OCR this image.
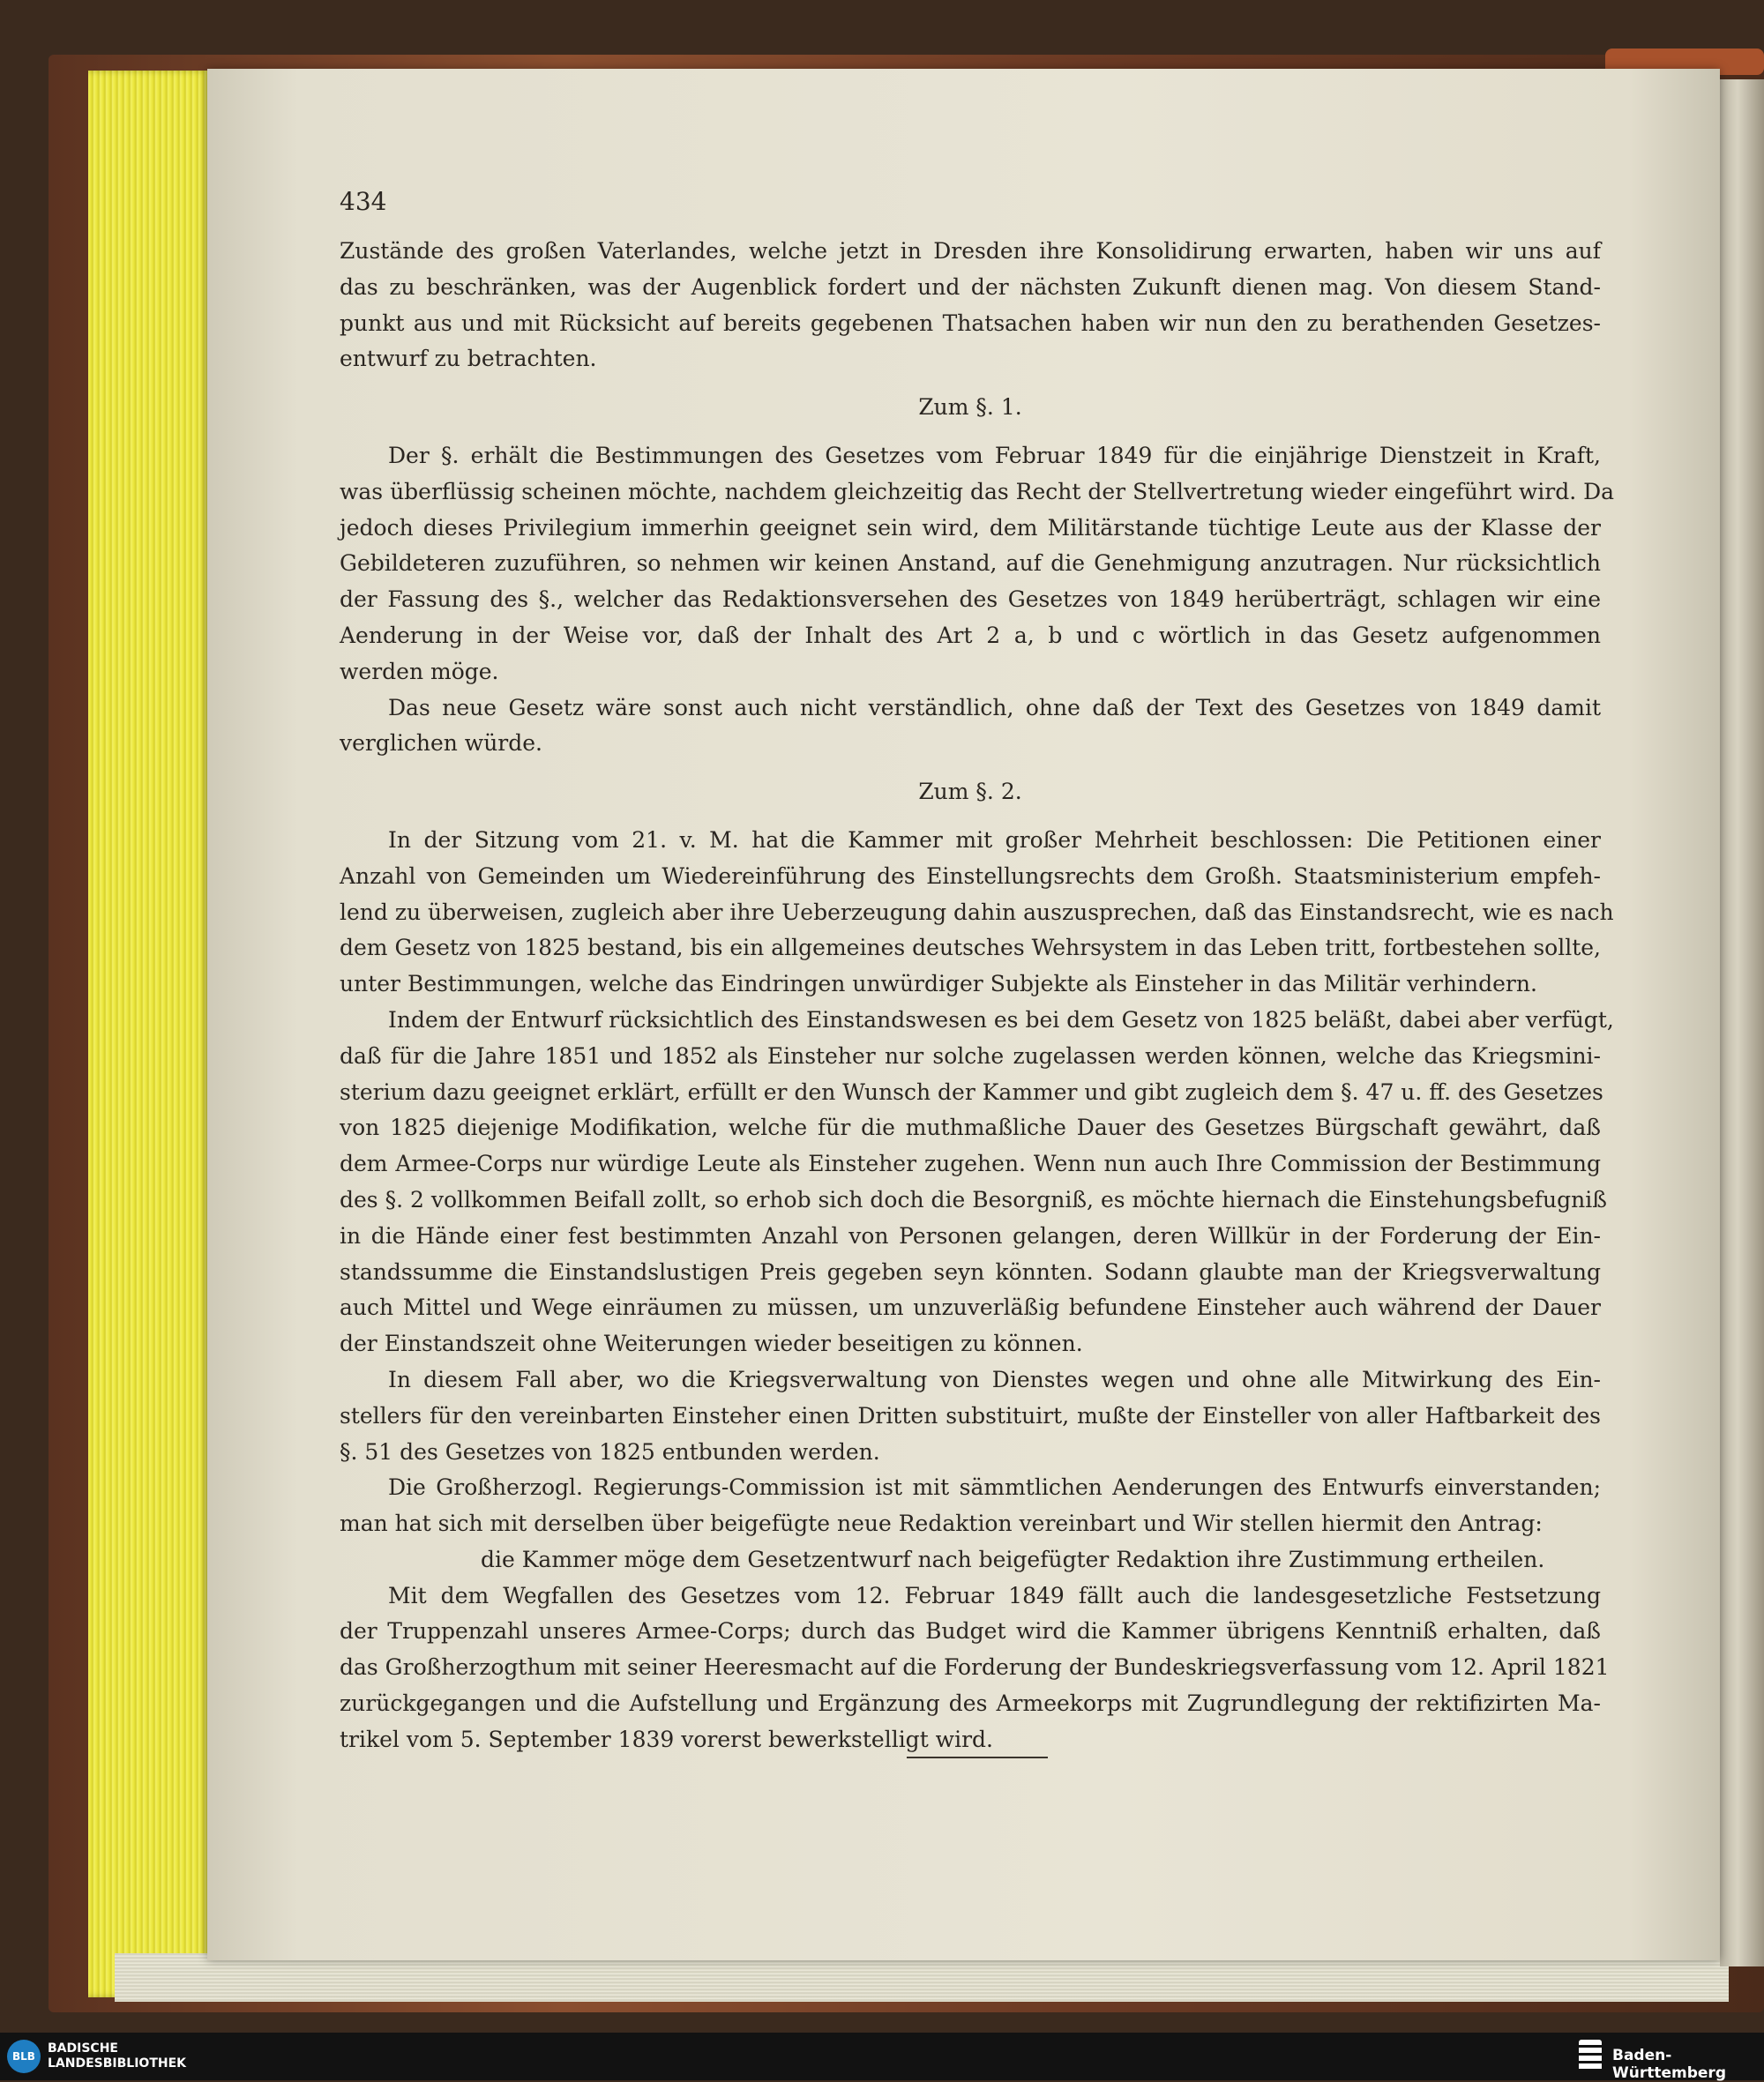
434
Zustände des großen Vaterlandes, welche jetzt in Dresden ihre Konsolidirung erwarten, haben wir uns auf
das zu beschränken, was der Augenblick fordert und der nächsten Zukunft dienen mag. Von diesem Stand-
punkt aus und mit Rücksicht auf bereits gegebenen Thatsachen haben wir nun den zu berathenden Gesetzes-
entwurf zu betrachten.
Zum §. 1.
Der §. erhält die Bestimmungen des Gesetzes vom Februar 1849 für die einjährige Dienstzeit in Kraft,
was überflüssig scheinen möchte, nachdem gleichzeitig das Recht der Stellvertretung wieder eingeführt wird. Da
jedoch dieses Privilegium immerhin geeignet sein wird, dem Militärstande tüchtige Leute aus der Klasse der
Gebildeteren zuzuführen, so nehmen wir keinen Anstand, auf die Genehmigung anzutragen. Nur rücksichtlich
der Fassung des §., welcher das Redaktionsversehen des Gesetzes von 1849 herüberträgt, schlagen wir eine
Aenderung in der Weise vor, daß der Inhalt des Art 2 a, b und c wörtlich in das Gesetz aufgenommen
werden möge.
Das neue Gesetz wäre sonst auch nicht verständlich, ohne daß der Text des Gesetzes von 1849 damit
verglichen würde.
Zum §. 2.
In der Sitzung vom 21. v. M. hat die Kammer mit großer Mehrheit beschlossen: Die Petitionen einer
Anzahl von Gemeinden um Wiedereinführung des Einstellungsrechts dem Großh. Staatsministerium empfeh-
lend zu überweisen, zugleich aber ihre Ueberzeugung dahin auszusprechen, daß das Einstandsrecht, wie es nach
dem Gesetz von 1825 bestand, bis ein allgemeines deutsches Wehrsystem in das Leben tritt, fortbestehen sollte,
unter Bestimmungen, welche das Eindringen unwürdiger Subjekte als Einsteher in das Militär verhindern.
Indem der Entwurf rücksichtlich des Einstandswesen es bei dem Gesetz von 1825 beläßt, dabei aber verfügt,
daß für die Jahre 1851 und 1852 als Einsteher nur solche zugelassen werden können, welche das Kriegsmini-
sterium dazu geeignet erklärt, erfüllt er den Wunsch der Kammer und gibt zugleich dem §. 47 u. ff. des Gesetzes
von 1825 diejenige Modifikation, welche für die muthmaßliche Dauer des Gesetzes Bürgschaft gewährt, daß
dem Armee-Corps nur würdige Leute als Einsteher zugehen. Wenn nun auch Ihre Commission der Bestimmung
des §. 2 vollkommen Beifall zollt, so erhob sich doch die Besorgniß, es möchte hiernach die Einstehungsbefugniß
in die Hände einer fest bestimmten Anzahl von Personen gelangen, deren Willkür in der Forderung der Ein-
standssumme die Einstandslustigen Preis gegeben seyn könnten. Sodann glaubte man der Kriegsverwaltung
auch Mittel und Wege einräumen zu müssen, um unzuverläßig befundene Einsteher auch während der Dauer
der Einstandszeit ohne Weiterungen wieder beseitigen zu können.
In diesem Fall aber, wo die Kriegsverwaltung von Dienstes wegen und ohne alle Mitwirkung des Ein-
stellers für den vereinbarten Einsteher einen Dritten substituirt, mußte der Einsteller von aller Haftbarkeit des
§. 51 des Gesetzes von 1825 entbunden werden.
Die Großherzogl. Regierungs-Commission ist mit sämmtlichen Aenderungen des Entwurfs einverstanden;
man hat sich mit derselben über beigefügte neue Redaktion vereinbart und Wir stellen hiermit den Antrag:
die Kammer möge dem Gesetzentwurf nach beigefügter Redaktion ihre Zustimmung ertheilen.
Mit dem Wegfallen des Gesetzes vom 12. Februar 1849 fällt auch die landesgesetzliche Festsetzung
der Truppenzahl unseres Armee-Corps; durch das Budget wird die Kammer übrigens Kenntniß erhalten, daß
das Großherzogthum mit seiner Heeresmacht auf die Forderung der Bundeskriegsverfassung vom 12. April 1821
zurückgegangen und die Aufstellung und Ergänzung des Armeekorps mit Zugrundlegung der rektifizirten Ma-
trikel vom 5. September 1839 vorerst bewerkstelligt wird.
BLB
BADISCHE
LANDESBIBLIOTHEK	Baden-Württemberg
